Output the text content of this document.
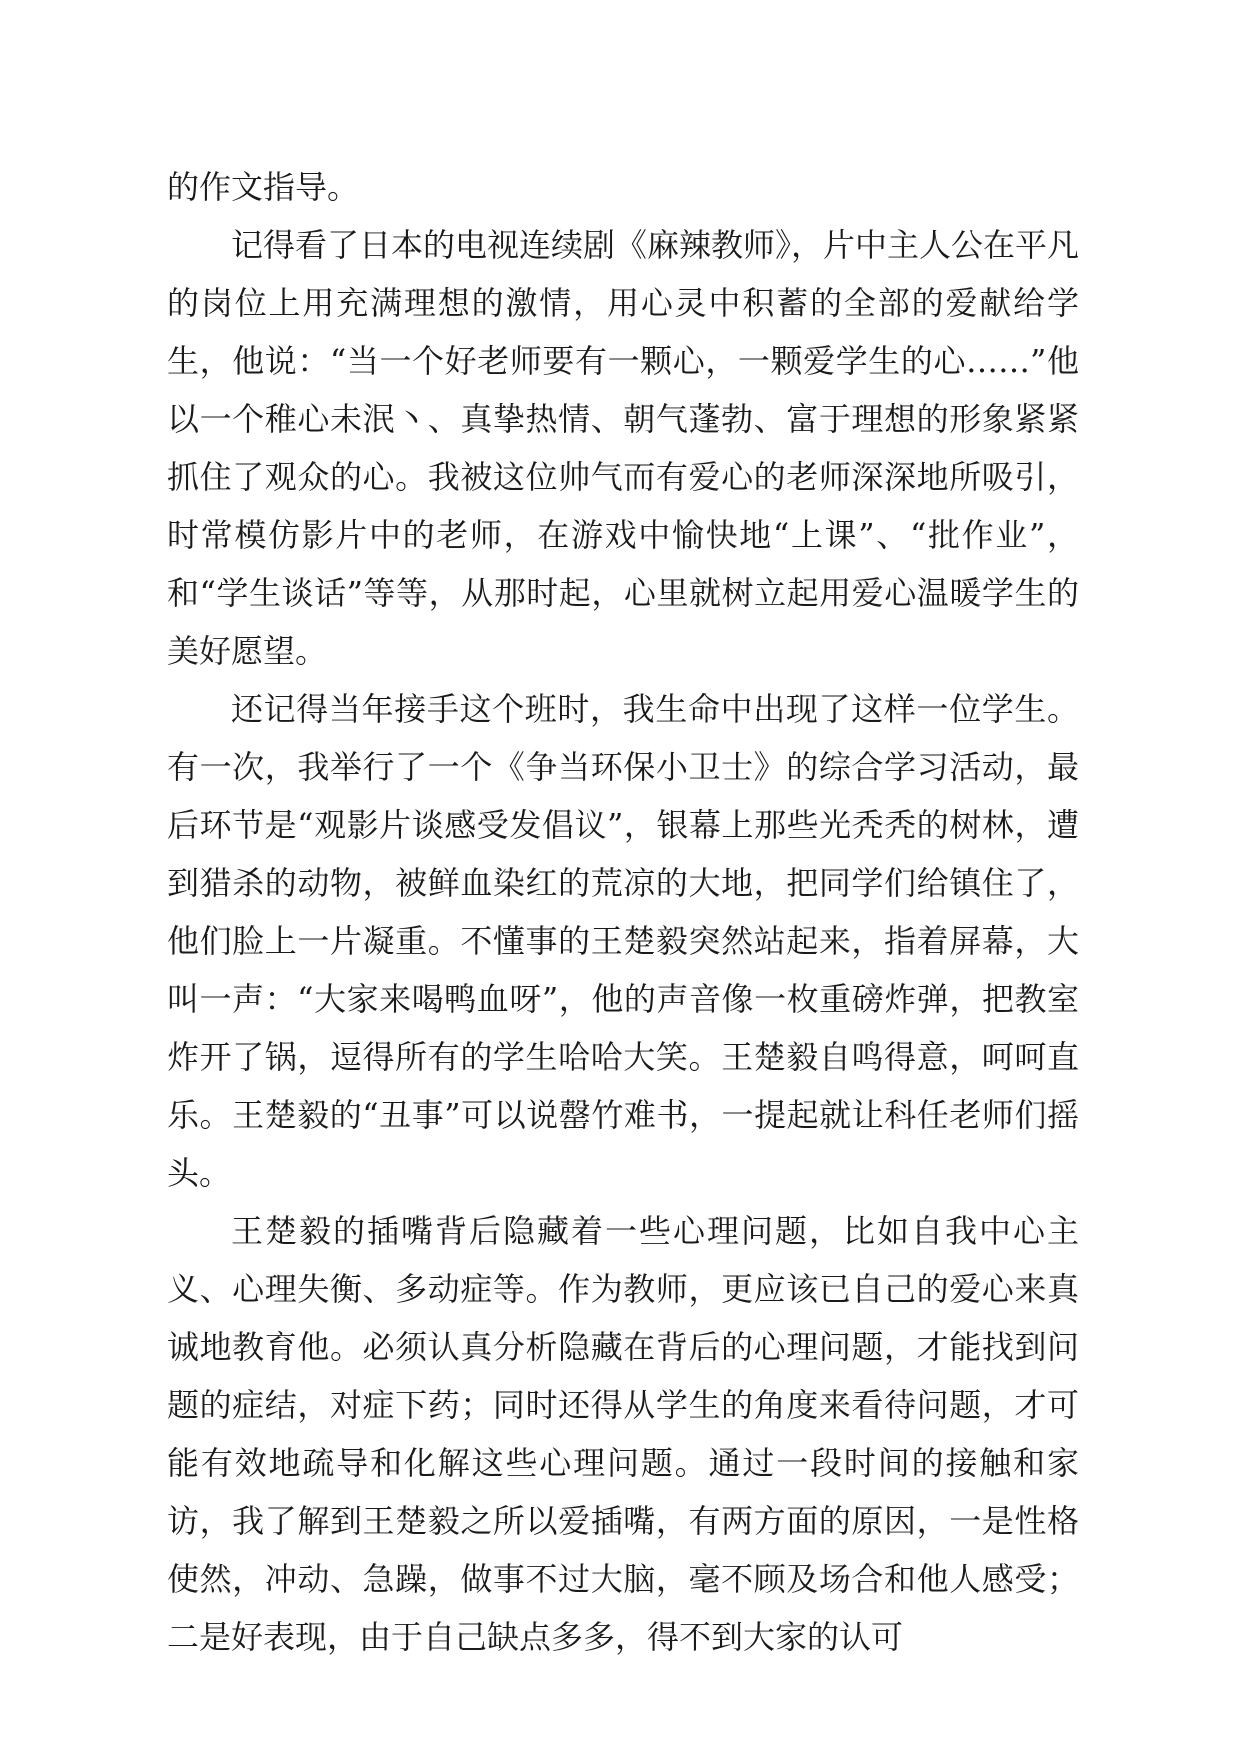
的作文指导。

记得看了日本的电视连续剧《麻辣教师》，片中主人公在平凡的岗位上用充满理想的激情，用心灵中积蓄的全部的爱献给学生，他说：“当一个好老师要有一颗心，一颗爱学生的心……”他以一个稚心未泯丶、真挚热情、朝气蓬勃、富于理想的形象紧紧抓住了观众的心。我被这位帅气而有爱心的老师深深地所吸引，时常模仿影片中的老师，在游戏中愉快地“上课”、“批作业”，和“学生谈话”等等，从那时起，心里就树立起用爱心温暖学生的美好愿望。

还记得当年接手这个班时，我生命中出现了这样一位学生。有一次，我举行了一个《争当环保小卫士》的综合学习活动，最后环节是“观影片谈感受发倡议”，银幕上那些光秃秃的树林，遭到猎杀的动物，被鲜血染红的荒凉的大地，把同学们给镇住了，他们脸上一片凝重。不懂事的王楚毅突然站起来，指着屏幕，大叫一声：“大家来喝鸭血呀”，他的声音像一枚重磅炸弹，把教室炸开了锅，逗得所有的学生哈哈大笑。王楚毅自鸣得意，呵呵直乐。王楚毅的“丑事”可以说罄竹难书，一提起就让科任老师们摇头。

王楚毅的插嘴背后隐藏着一些心理问题，比如自我中心主义、心理失衡、多动症等。作为教师，更应该已自己的爱心来真诚地教育他。必须认真分析隐藏在背后的心理问题，才能找到问题的症结，对症下药；同时还得从学生的角度来看待问题，才可能有效地疏导和化解这些心理问题。通过一段时间的接触和家访，我了解到王楚毅之所以爱插嘴，有两方面的原因，一是性格使然，冲动、急躁，做事不过大脑，毫不顾及场合和他人感受；二是好表现，由于自己缺点多多，得不到大家的认可
